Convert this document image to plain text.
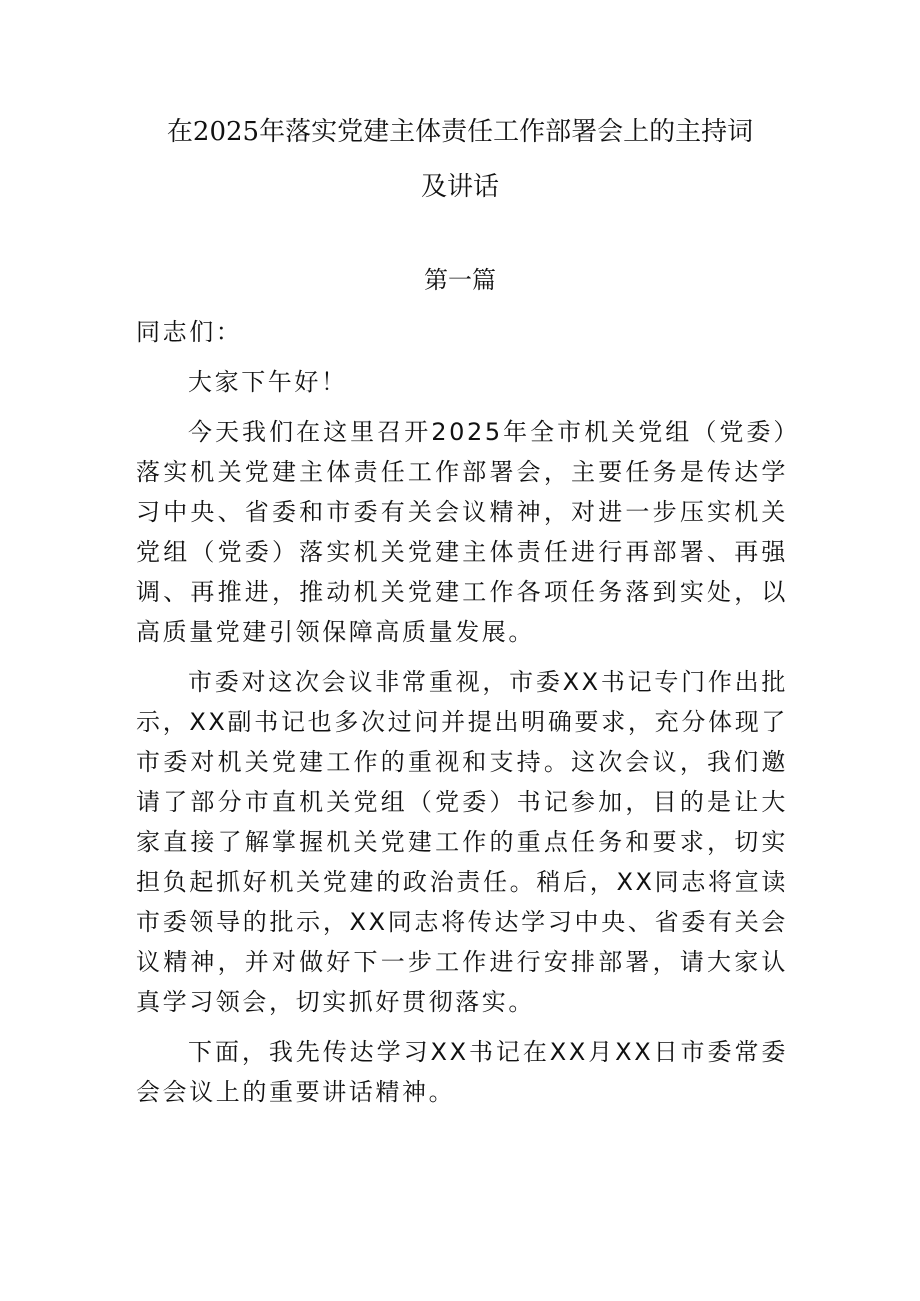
在2025年落实党建主体责任工作部署会上的主持词
及讲话
第一篇

同志们：

大家下午好！

今天我们在这里召开2025年全市机关党组（党委）落实机关党建主体责任工作部署会，主要任务是传达学习中央、省委和市委有关会议精神，对进一步压实机关党组（党委）落实机关党建主体责任进行再部署、再强调、再推进，推动机关党建工作各项任务落到实处，以高质量党建引领保障高质量发展。

市委对这次会议非常重视，市委XX书记专门作出批示，XX副书记也多次过问并提出明确要求，充分体现了市委对机关党建工作的重视和支持。这次会议，我们邀请了部分市直机关党组（党委）书记参加，目的是让大家直接了解掌握机关党建工作的重点任务和要求，切实担负起抓好机关党建的政治责任。稍后，XX同志将宣读市委领导的批示，XX同志将传达学习中央、省委有关会议精神，并对做好下一步工作进行安排部署，请大家认真学习领会，切实抓好贯彻落实。

下面，我先传达学习XX书记在XX月XX日市委常委会会议上的重要讲话精神。
